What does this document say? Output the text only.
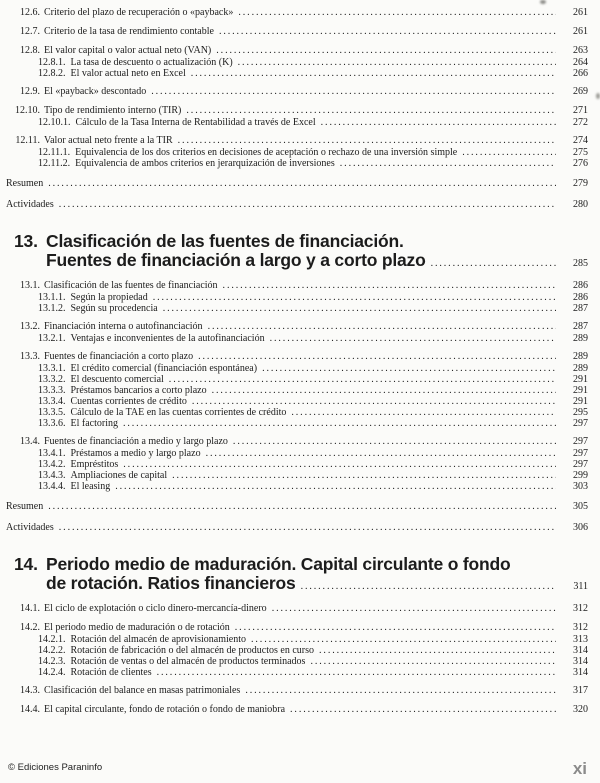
12.6. Criterio del plazo de recuperación o «payback» .....	261
12.7. Criterio de la tasa de rendimiento contable .....	261
12.8. El valor capital o valor actual neto (VAN) .....	263
12.8.1. La tasa de descuento o actualización (K) .....	264
12.8.2. El valor actual neto en Excel .....	266
12.9. El «payback» descontado .....	269
12.10. Tipo de rendimiento interno (TIR) .....	271
12.10.1. Cálculo de la Tasa Interna de Rentabilidad a través de Excel .....	272
12.11. Valor actual neto frente a la TIR .....	274
12.11.1. Equivalencia de los dos criterios en decisiones de aceptación o rechazo de una inversión simple .....	275
12.11.2. Equivalencia de ambos criterios en jerarquización de inversiones .....	276
Resumen .....	279
Actividades .....	280
13. Clasificación de las fuentes de financiación.
Fuentes de financiación a largo y a corto plazo .....	285
13.1. Clasificación de las fuentes de financiación .....	286
13.1.1. Según la propiedad .....	286
13.1.2. Según su procedencia .....	287
13.2. Financiación interna o autofinanciación .....	287
13.2.1. Ventajas e inconvenientes de la autofinanciación .....	289
13.3. Fuentes de financiación a corto plazo .....	289
13.3.1. El crédito comercial (financiación espontánea) .....	289
13.3.2. El descuento comercial .....	291
13.3.3. Préstamos bancarios a corto plazo .....	291
13.3.4. Cuentas corrientes de crédito .....	291
13.3.5. Cálculo de la TAE en las cuentas corrientes de crédito .....	295
13.3.6. El factoring .....	297
13.4. Fuentes de financiación a medio y largo plazo .....	297
13.4.1. Préstamos a medio y largo plazo .....	297
13.4.2. Empréstitos .....	297
13.4.3. Ampliaciones de capital .....	299
13.4.4. El leasing .....	303
Resumen .....	305
Actividades .....	306
14. Periodo medio de maduración. Capital circulante o fondo
de rotación. Ratios financieros .....	311
14.1. El ciclo de explotación o ciclo dinero-mercancía-dinero .....	312
14.2. El periodo medio de maduración o de rotación .....	312
14.2.1. Rotación del almacén de aprovisionamiento .....	313
14.2.2. Rotación de fabricación o del almacén de productos en curso .....	314
14.2.3. Rotación de ventas o del almacén de productos terminados .....	314
14.2.4. Rotación de clientes .....	314
14.3. Clasificación del balance en masas patrimoniales .....	317
14.4. El capital circulante, fondo de rotación o fondo de maniobra .....	320
© Ediciones Paraninfo	xi
